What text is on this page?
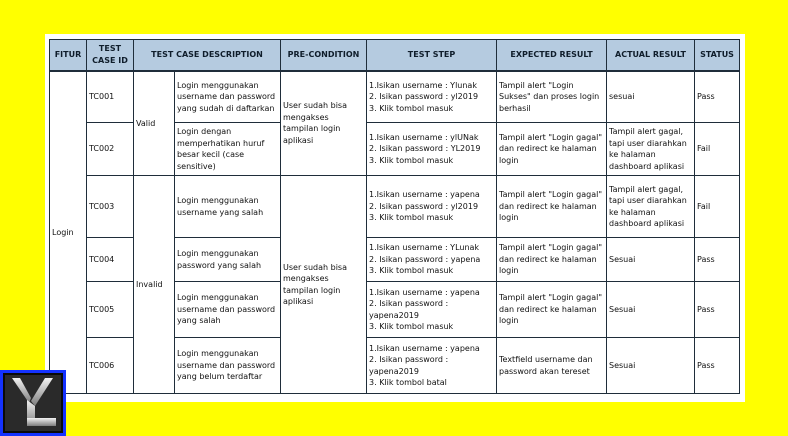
FITUR	TEST CASE ID	TEST CASE DESCRIPTION		PRE-CONDITION	TEST STEP	EXPECTED RESULT	ACTUAL RESULT	STATUS
Login	TC001	Valid	Login menggunakan username dan password yang sudah di daftarkan	User sudah bisa mengakses tampilan login aplikasi	1.Isikan username : Ylunak
2. Isikan password : yl2019
3. Klik tombol masuk	Tampil alert "Login Sukses" dan proses login berhasil	sesuai	Pass
	TC002		Login dengan memperhatikan huruf besar kecil (case sensitive)		1.Isikan username : ylUNak
2. Isikan password : YL2019
3. Klik tombol masuk	Tampil alert "Login gagal" dan redirect ke halaman login	Tampil alert gagal, tapi user diarahkan ke halaman dashboard aplikasi	Fail
	TC003	Invalid	Login menggunakan username yang salah	User sudah bisa mengakses tampilan login aplikasi	1.Isikan username : yapena
2. Isikan password : yl2019
3. Klik tombol masuk	Tampil alert "Login gagal" dan redirect ke halaman login	Tampil alert gagal, tapi user diarahkan ke halaman dashboard aplikasi	Fail
	TC004		Login menggunakan password yang salah		1.Isikan username : YLunak
2. Isikan password : yapena
3. Klik tombol masuk	Tampil alert "Login gagal" dan redirect ke halaman login	Sesuai	Pass
	TC005		Login menggunakan username dan password yang salah		1.Isikan username : yapena
2. Isikan password : yapena2019
3. Klik tombol masuk	Tampil alert "Login gagal" dan redirect ke halaman login	Sesuai	Pass
	TC006		Login menggunakan username dan password yang belum terdaftar		1.Isikan username : yapena
2. Isikan password : yapena2019
3. Klik tombol batal	Textfield username dan password akan tereset	Sesuai	Pass
